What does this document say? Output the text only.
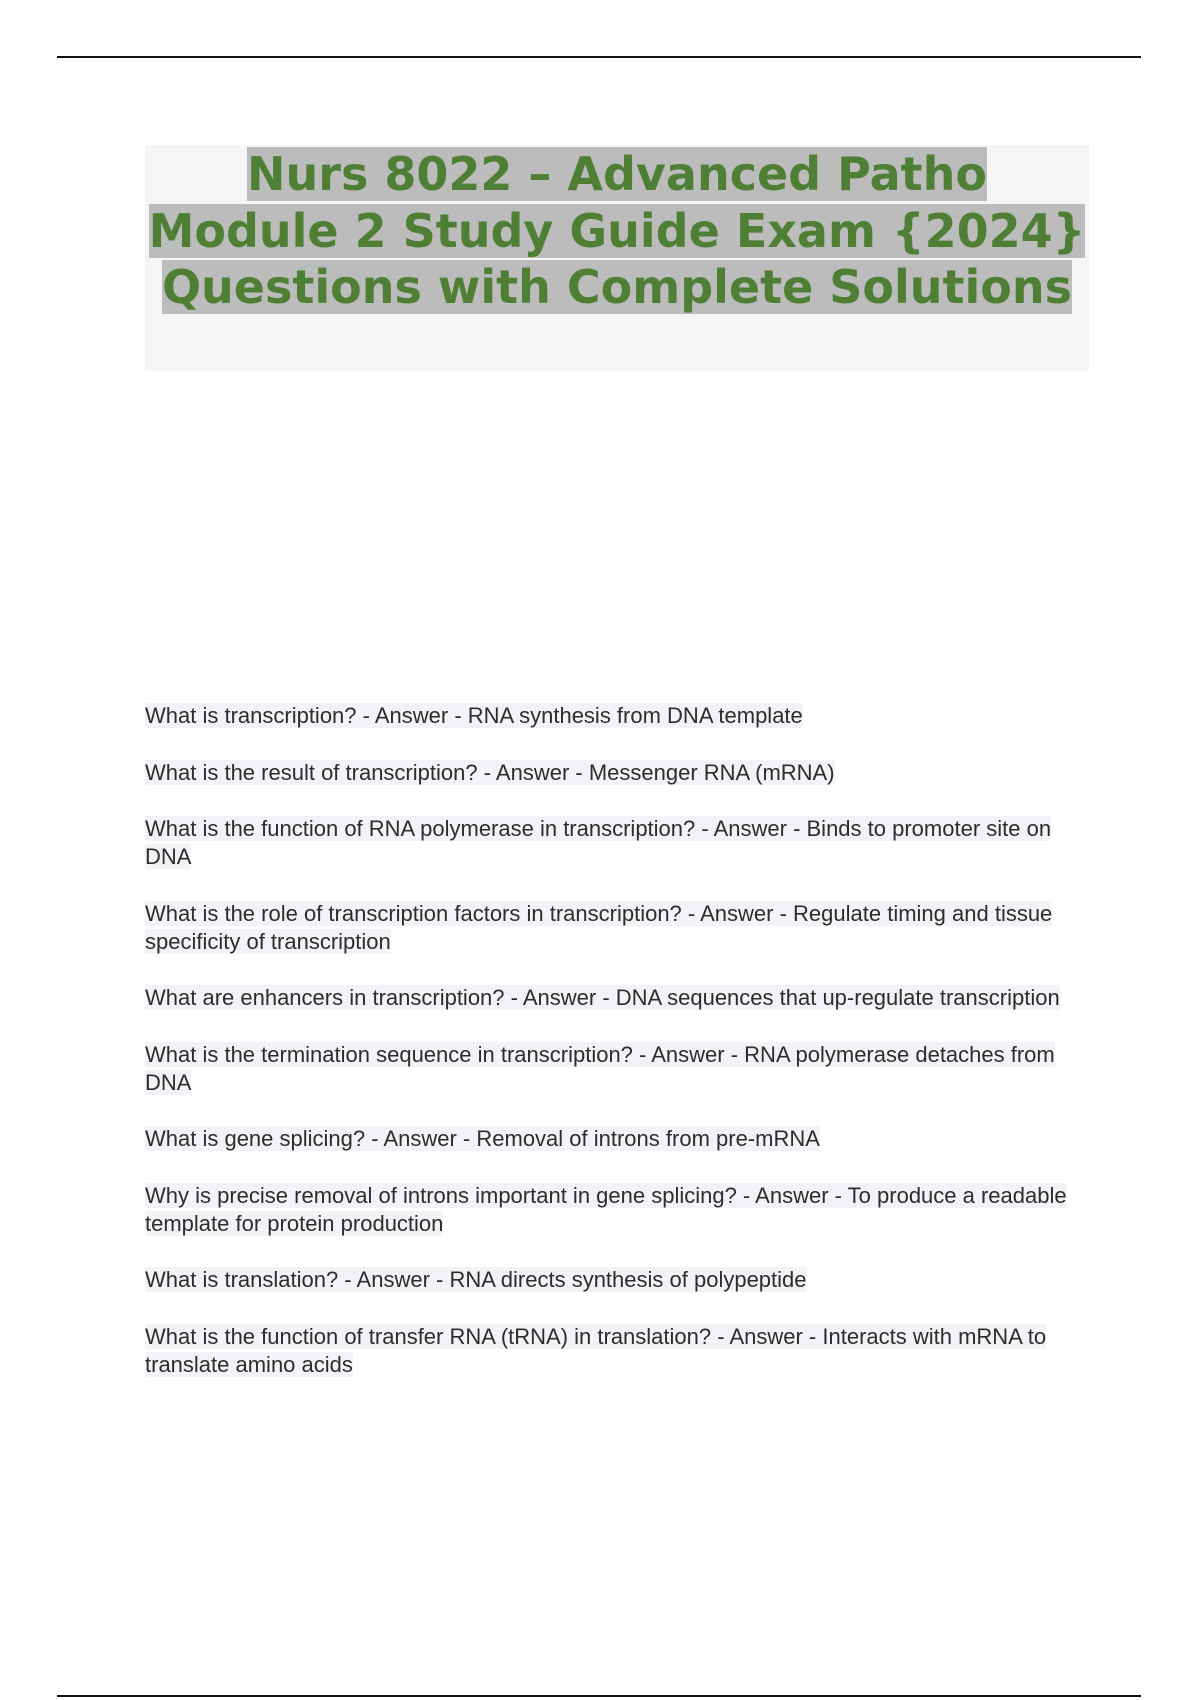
Nurs 8022 – Advanced Patho Module 2 Study Guide Exam {2024} Questions with Complete Solutions
What is transcription? - Answer - RNA synthesis from DNA template
What is the result of transcription? - Answer - Messenger RNA (mRNA)
What is the function of RNA polymerase in transcription? - Answer - Binds to promoter site on DNA
What is the role of transcription factors in transcription? - Answer - Regulate timing and tissue specificity of transcription
What are enhancers in transcription? - Answer - DNA sequences that up-regulate transcription
What is the termination sequence in transcription? - Answer - RNA polymerase detaches from DNA
What is gene splicing? - Answer - Removal of introns from pre-mRNA
Why is precise removal of introns important in gene splicing? - Answer - To produce a readable template for protein production
What is translation? - Answer - RNA directs synthesis of polypeptide
What is the function of transfer RNA (tRNA) in translation? - Answer - Interacts with mRNA to translate amino acids
